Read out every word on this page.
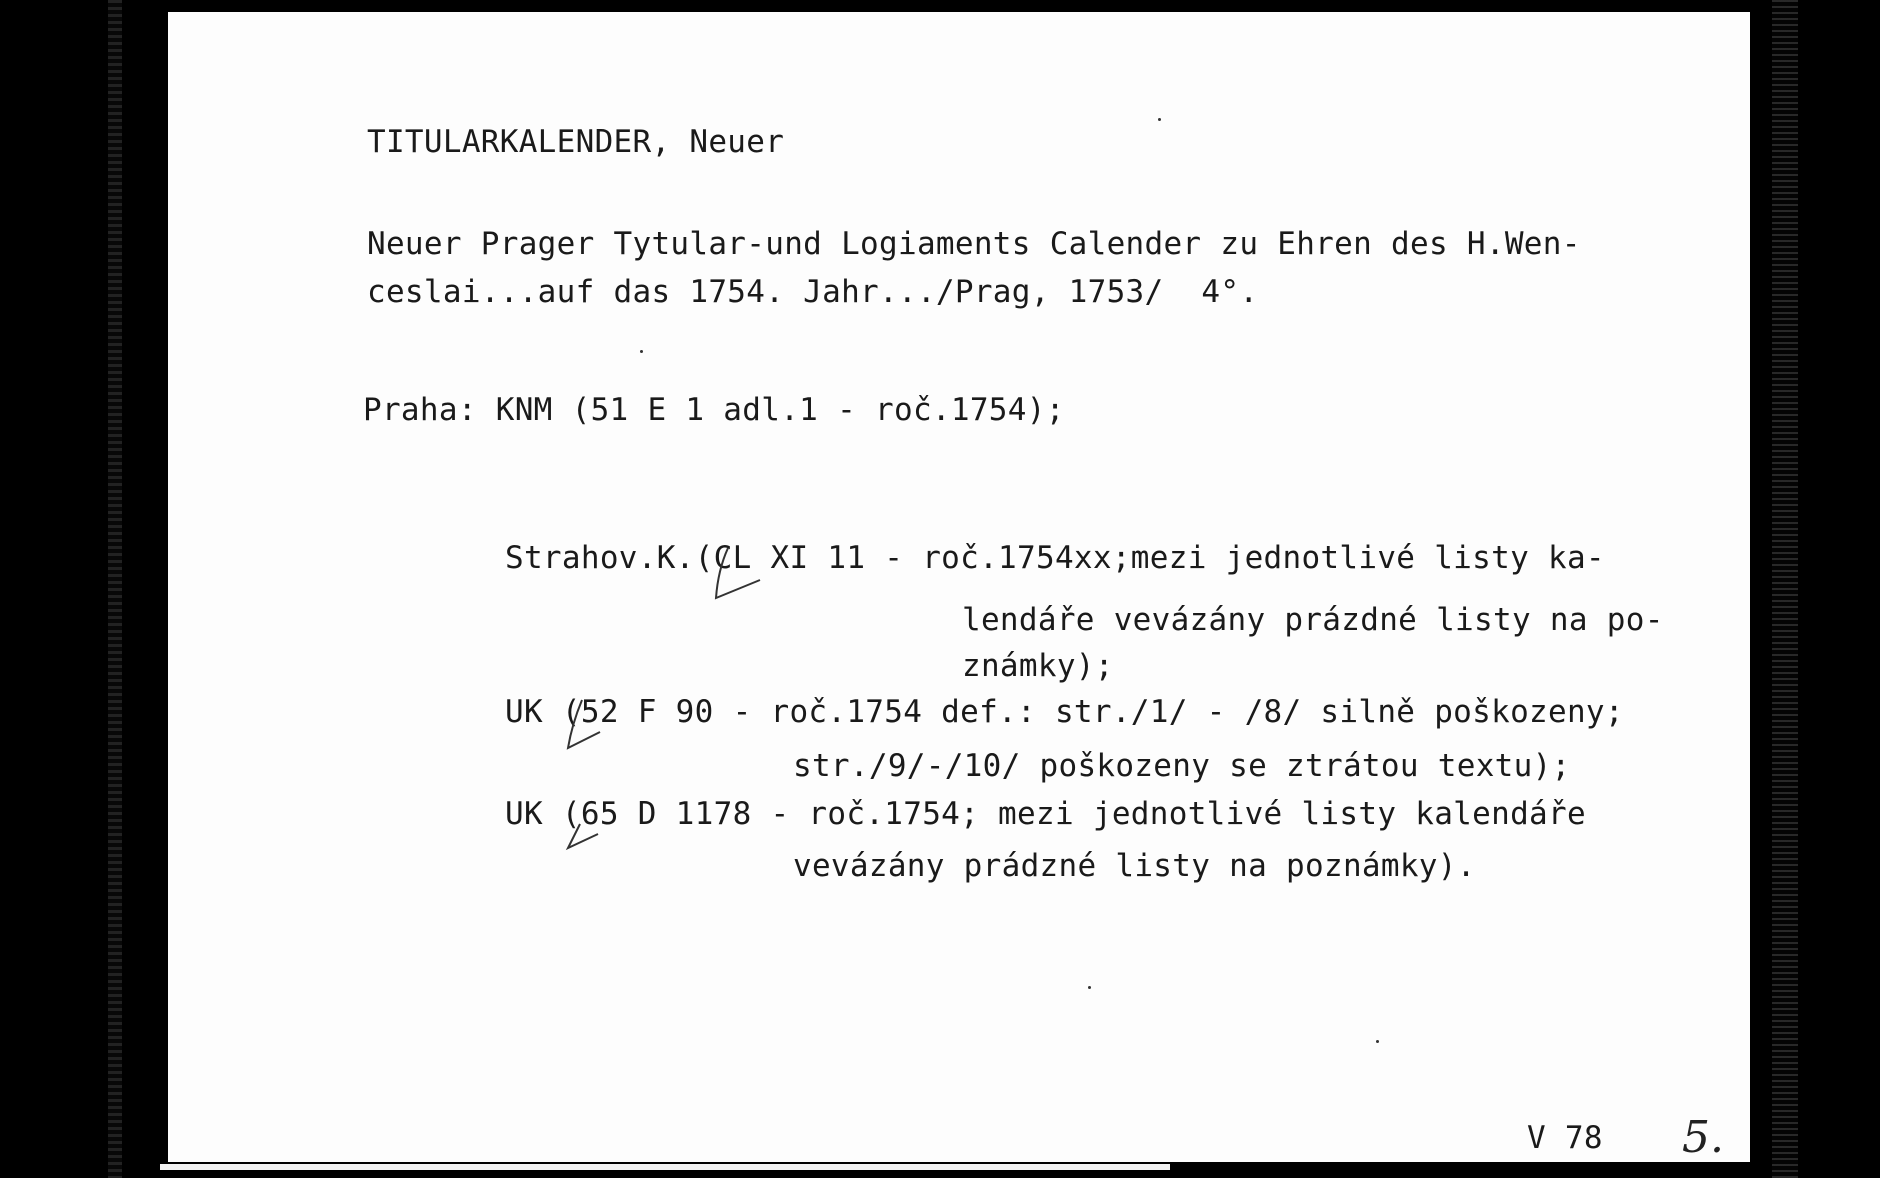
TITULARKALENDER, Neuer
Neuer Prager Tytular-und Logiaments Calender zu Ehren des H.Wen-
ceslai...auf das 1754. Jahr.../Prag, 1753/  4°.
Praha: KNM (51 E 1 adl.1 - roč.1754);
Strahov.K.(CL XI 11 - roč.1754xx;mezi jednotlivé listy ka-
lendáře vevázány prázdné listy na po-
známky);
UK (52 F 90 - roč.1754 def.: str./1/ - /8/ silně poškozeny;
str./9/-/10/ poškozeny se ztrátou textu);
UK (65 D 1178 - roč.1754; mezi jednotlivé listy kalendáře
vevázány prádzné listy na poznámky).
V 78 5.
